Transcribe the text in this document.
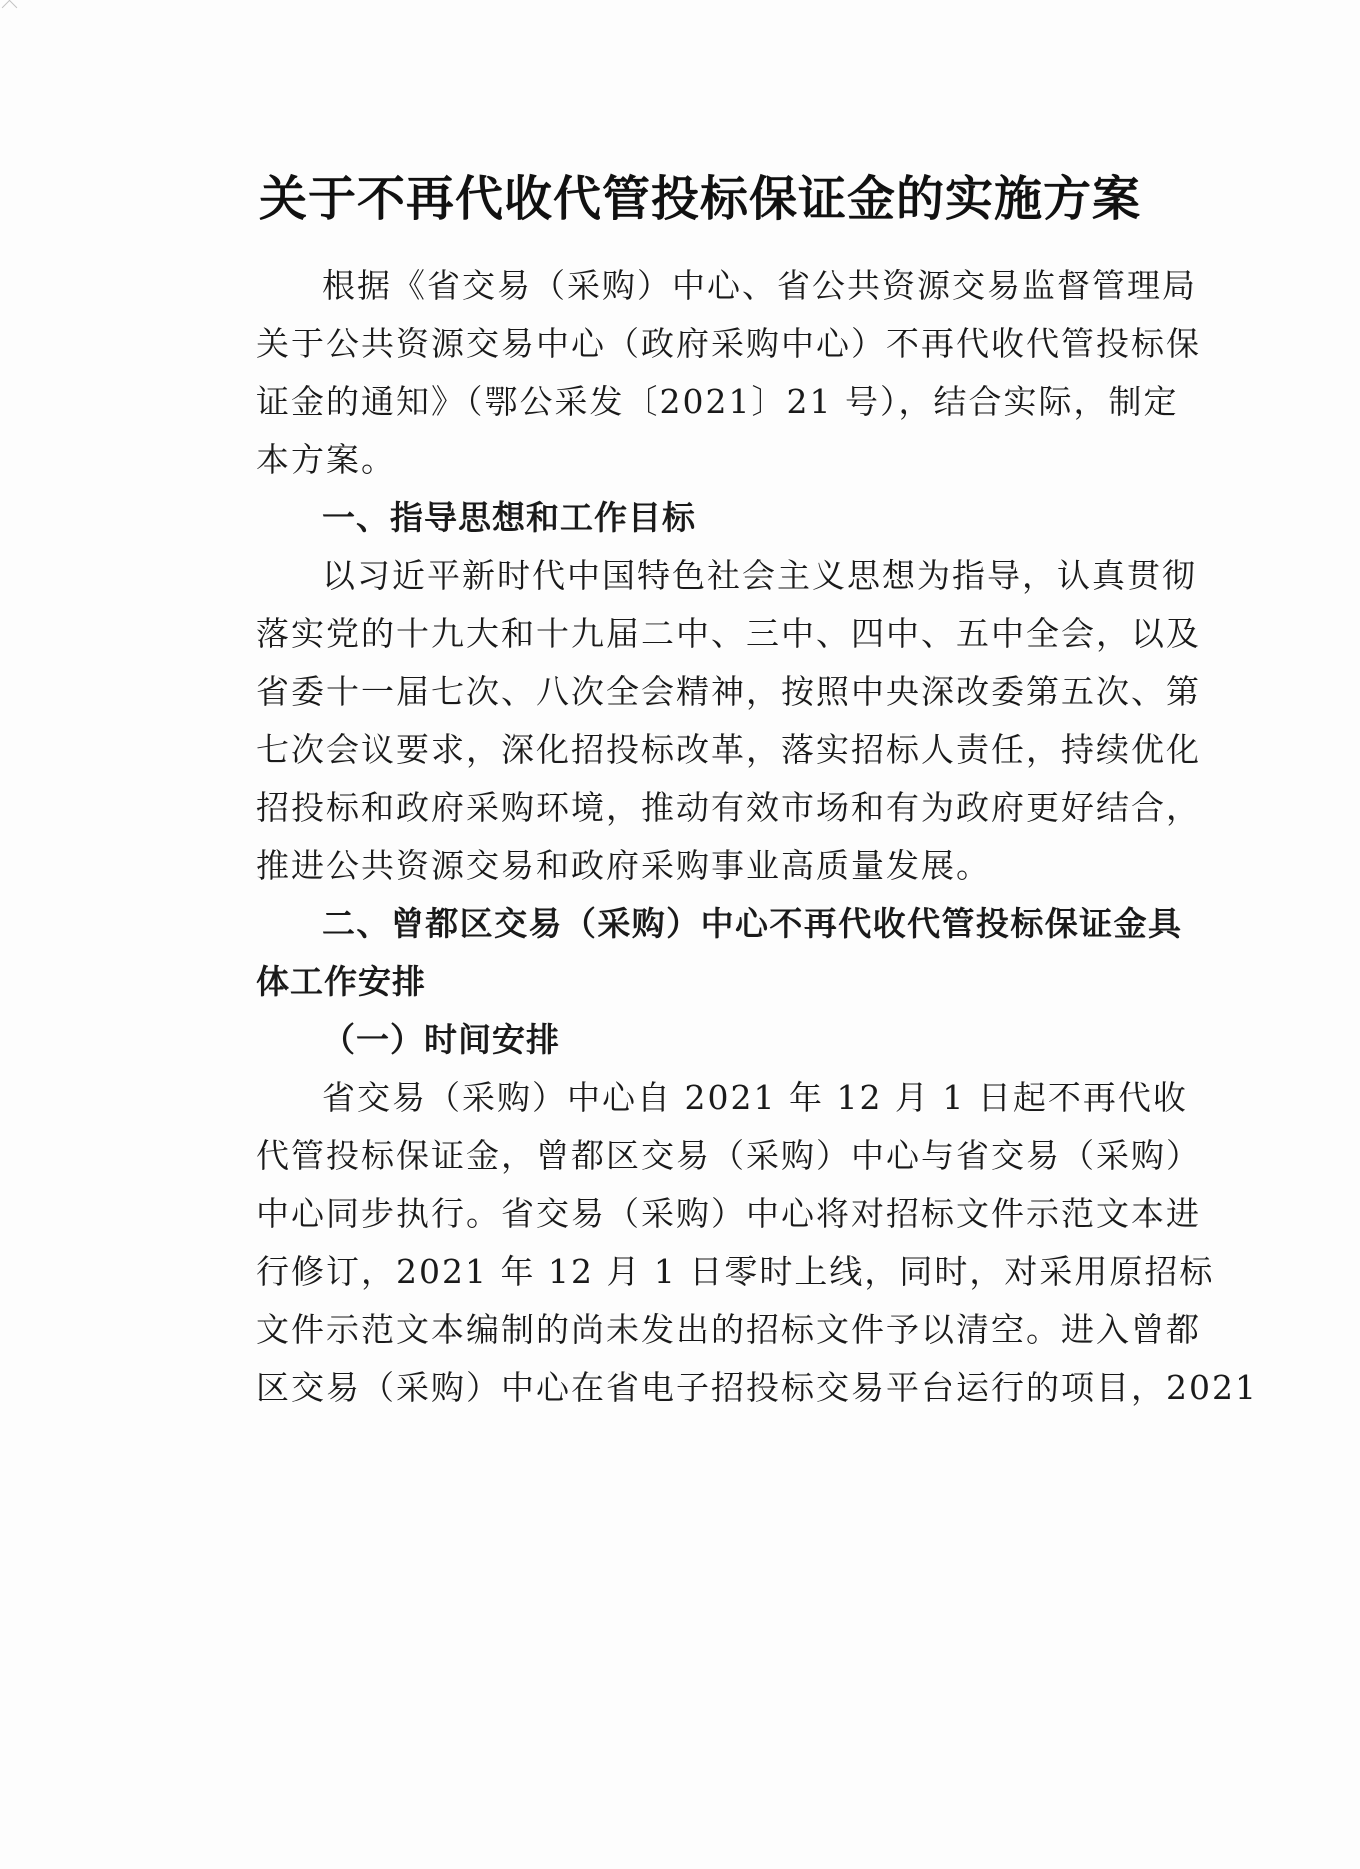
关于不再代收代管投标保证金的实施方案

根据《省交易（采购）中心、省公共资源交易监督管理局

关于公共资源交易中心（政府采购中心）不再代收代管投标保

证金的通知》（鄂公采发〔2021〕21 号），结合实际，制定

本方案。

一、指导思想和工作目标

以习近平新时代中国特色社会主义思想为指导，认真贯彻

落实党的十九大和十九届二中、三中、四中、五中全会，以及

省委十一届七次、八次全会精神，按照中央深改委第五次、第

七次会议要求，深化招投标改革，落实招标人责任，持续优化

招投标和政府采购环境，推动有效市场和有为政府更好结合，

推进公共资源交易和政府采购事业高质量发展。

二、曾都区交易（采购）中心不再代收代管投标保证金具

体工作安排

（一）时间安排

省交易（采购）中心自 2021 年 12 月 1 日起不再代收

代管投标保证金，曾都区交易（采购）中心与省交易（采购）

中心同步执行。省交易（采购）中心将对招标文件示范文本进

行修订，2021 年 12 月 1 日零时上线，同时，对采用原招标

文件示范文本编制的尚未发出的招标文件予以清空。进入曾都

区交易（采购）中心在省电子招投标交易平台运行的项目，2021
